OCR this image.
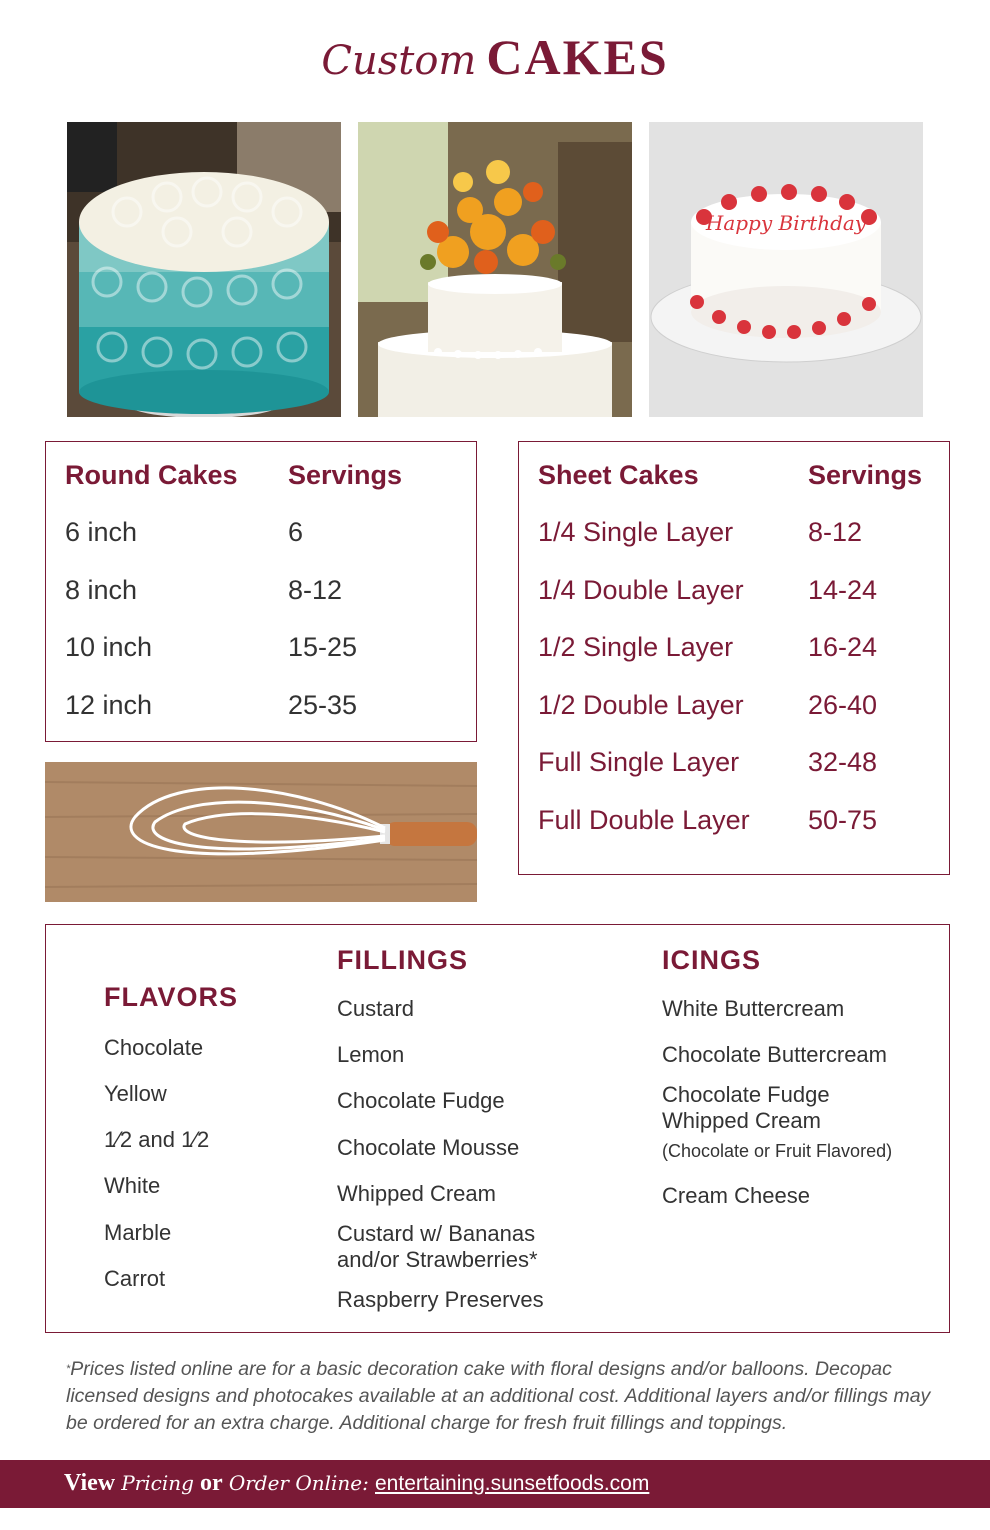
Custom CAKES
Happy Birthday
Round Cakes Servings
6 inch	6
8 inch	8-12
10 inch	15-25
12 inch	25-35
Sheet Cakes	Servings
1/4 Single Layer	8-12
1/4 Double Layer 14-24
1/2 Single Layer	16-24
1/2 Double Layer 26-40
Full Single Layer	32-48
Full Double Layer 50-75
FLAVORS
Chocolate
Yellow
1⁄2 and 1⁄2
White
Marble
Carrot
FILLINGS
Custard
Lemon
Chocolate Fudge
Chocolate Mousse
Whipped Cream
Custard w/ Bananas
and/or Strawberries*
Raspberry Preserves
ICINGS
White Buttercream
Chocolate Buttercream
Chocolate Fudge
Whipped Cream
(Chocolate or Fruit Flavored)
Cream Cheese
*Prices listed online are for a basic decoration cake with floral designs and/or balloons. Decopac licensed designs and photocakes available at an additional cost. Additional layers and/or fillings may be ordered for an extra charge. Additional charge for fresh fruit fillings and toppings.
View Pricing or Order Online: entertaining.sunsetfoods.com
